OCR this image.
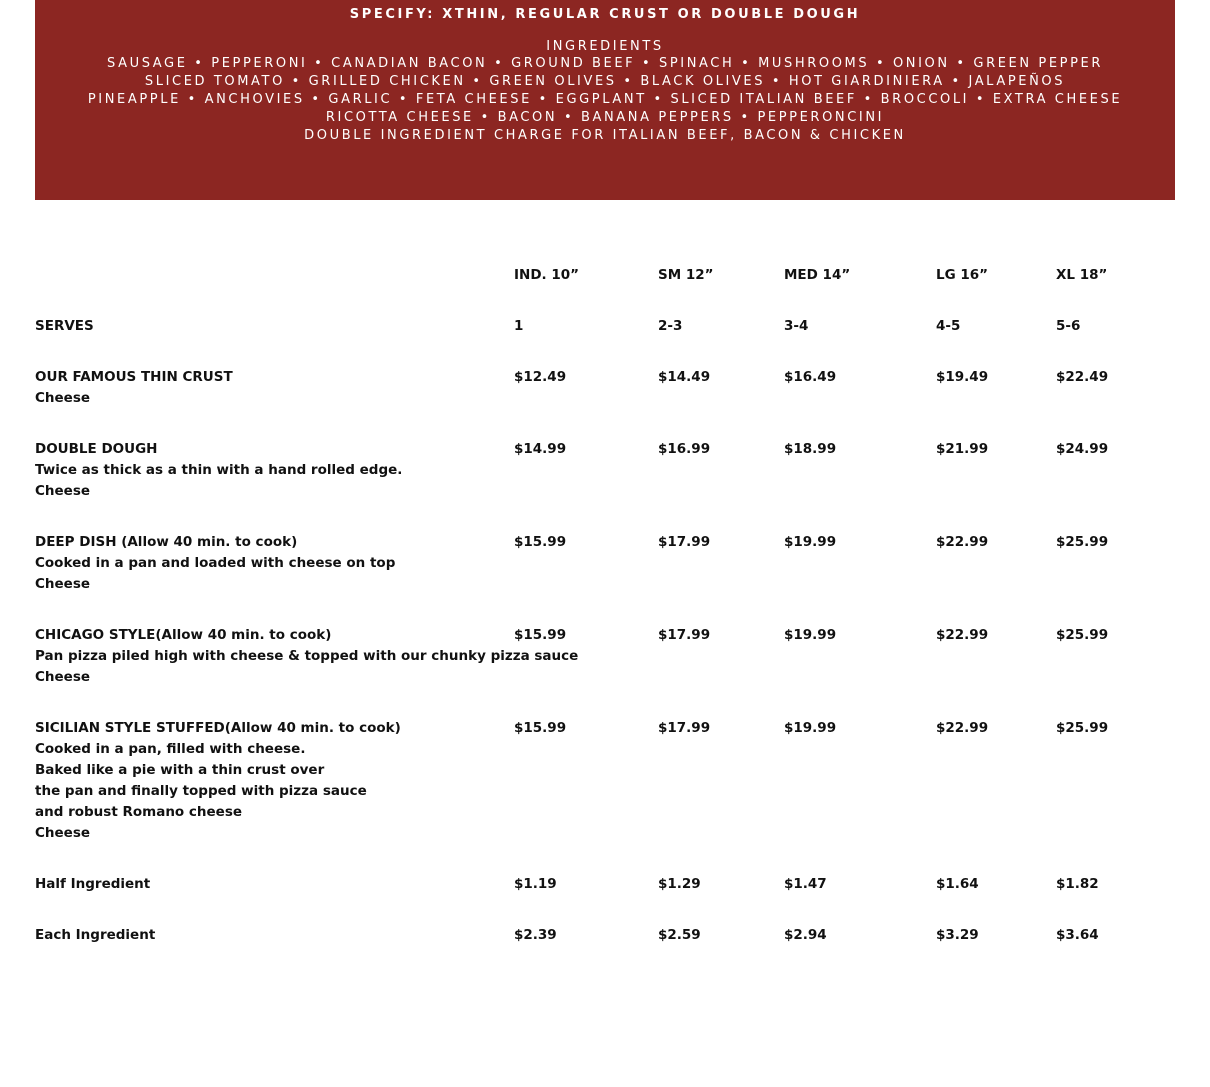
SPECIFY: XTHIN, REGULAR CRUST OR DOUBLE DOUGH
INGREDIENTS
SAUSAGE • PEPPERONI • CANADIAN BACON • GROUND BEEF • SPINACH • MUSHROOMS • ONION • GREEN PEPPER
SLICED TOMATO • GRILLED CHICKEN • GREEN OLIVES • BLACK OLIVES • HOT GIARDINIERA • JALAPEÑOS
PINEAPPLE • ANCHOVIES • GARLIC • FETA CHEESE • EGGPLANT • SLICED ITALIAN BEEF • BROCCOLI • EXTRA CHEESE
RICOTTA CHEESE • BACON • BANANA PEPPERS • PEPPERONCINI
DOUBLE INGREDIENT CHARGE FOR ITALIAN BEEF, BACON & CHICKEN
IND. 10”	SM 12”	MED 14”	LG 16”	XL 18”
SERVES	1	2-3	3-4	4-5	5-6
OUR FAMOUS THIN CRUST
Cheese
$12.49	$14.49	$16.49	$19.49	$22.49
DOUBLE DOUGH
Twice as thick as a thin with a hand rolled edge.
Cheese
$14.99	$16.99	$18.99	$21.99	$24.99
DEEP DISH (Allow 40 min. to cook)
Cooked in a pan and loaded with cheese on top
Cheese
$15.99	$17.99	$19.99	$22.99	$25.99
CHICAGO STYLE(Allow 40 min. to cook)
Pan pizza piled high with cheese & topped with our chunky pizza sauce
Cheese
$15.99	$17.99	$19.99	$22.99	$25.99
SICILIAN STYLE STUFFED(Allow 40 min. to cook)
Cooked in a pan, filled with cheese.
Baked like a pie with a thin crust over
the pan and finally topped with pizza sauce
and robust Romano cheese
Cheese
$15.99	$17.99	$19.99	$22.99	$25.99
Half Ingredient	$1.19	$1.29	$1.47	$1.64	$1.82
Each Ingredient	$2.39	$2.59	$2.94	$3.29	$3.64
